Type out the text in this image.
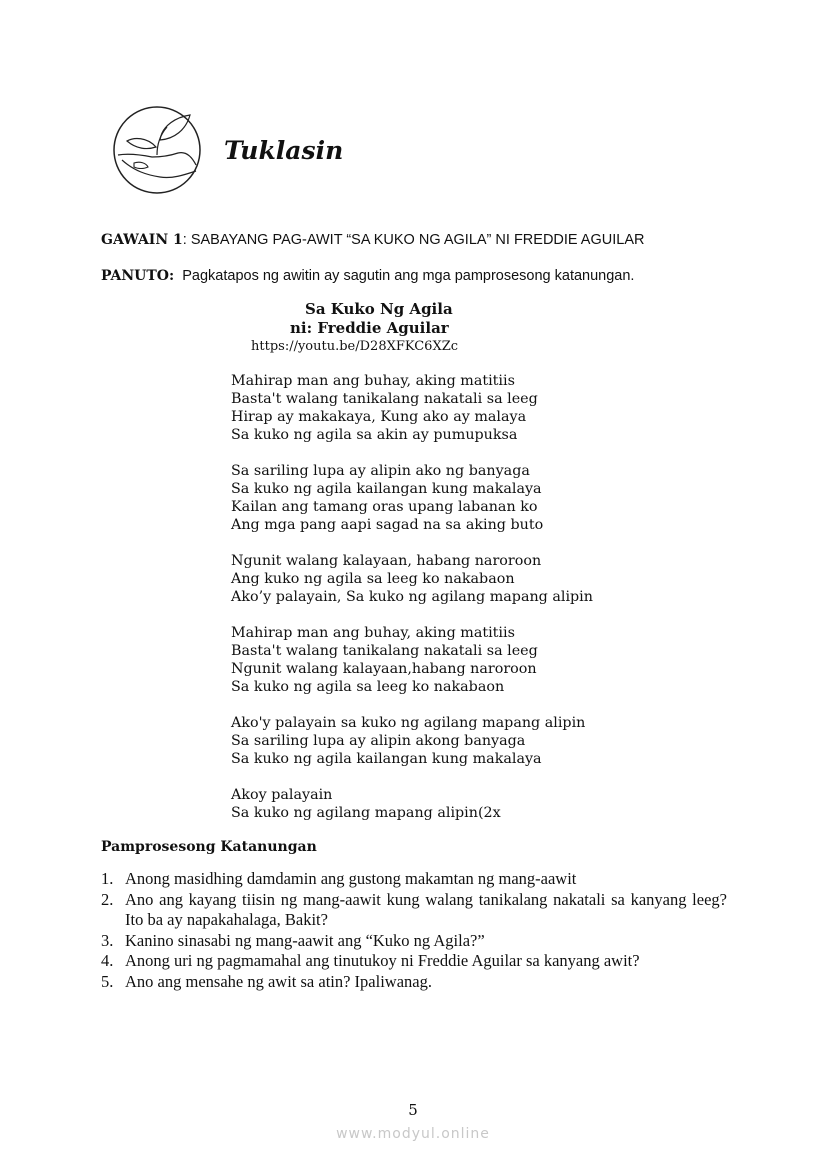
Tuklasin
GAWAIN 1: SABAYANG PAG-AWIT “SA KUKO NG AGILA” NI FREDDIE AGUILAR
PANUTO: Pagkatapos ng awitin ay sagutin ang mga pamprosesong katanungan.
Sa Kuko Ng Agila
ni: Freddie Aguilar
https://youtu.be/D28XFKC6XZc
Mahirap man ang buhay, aking matitiis
Basta't walang tanikalang nakatali sa leeg
Hirap ay makakaya, Kung ako ay malaya
Sa kuko ng agila sa akin ay pumupuksa
Sa sariling lupa ay alipin ako ng banyaga
Sa kuko ng agila kailangan kung makalaya
Kailan ang tamang oras upang labanan ko
Ang mga pang aapi sagad na sa aking buto
Ngunit walang kalayaan, habang naroroon
Ang kuko ng agila sa leeg ko nakabaon
Ako’y palayain, Sa kuko ng agilang mapang alipin
Mahirap man ang buhay, aking matitiis
Basta't walang tanikalang nakatali sa leeg
Ngunit walang kalayaan,habang naroroon
Sa kuko ng agila sa leeg ko nakabaon
Ako'y palayain sa kuko ng agilang mapang alipin
Sa sariling lupa ay alipin akong banyaga
Sa kuko ng agila kailangan kung makalaya
Akoy palayain
Sa kuko ng agilang mapang alipin(2x
Pamprosesong Katanungan
1. Anong masidhing damdamin ang gustong makamtan ng mang-aawit
2. Ano ang kayang tiisin ng mang-aawit kung walang tanikalang nakatali sa kanyang leeg? Ito ba ay napakahalaga, Bakit?
3. Kanino sinasabi ng mang-aawit ang “Kuko ng Agila?”
4. Anong uri ng pagmamahal ang tinutukoy ni Freddie Aguilar sa kanyang awit?
5. Ano ang mensahe ng awit sa atin? Ipaliwanag.
5
www.modyul.online
